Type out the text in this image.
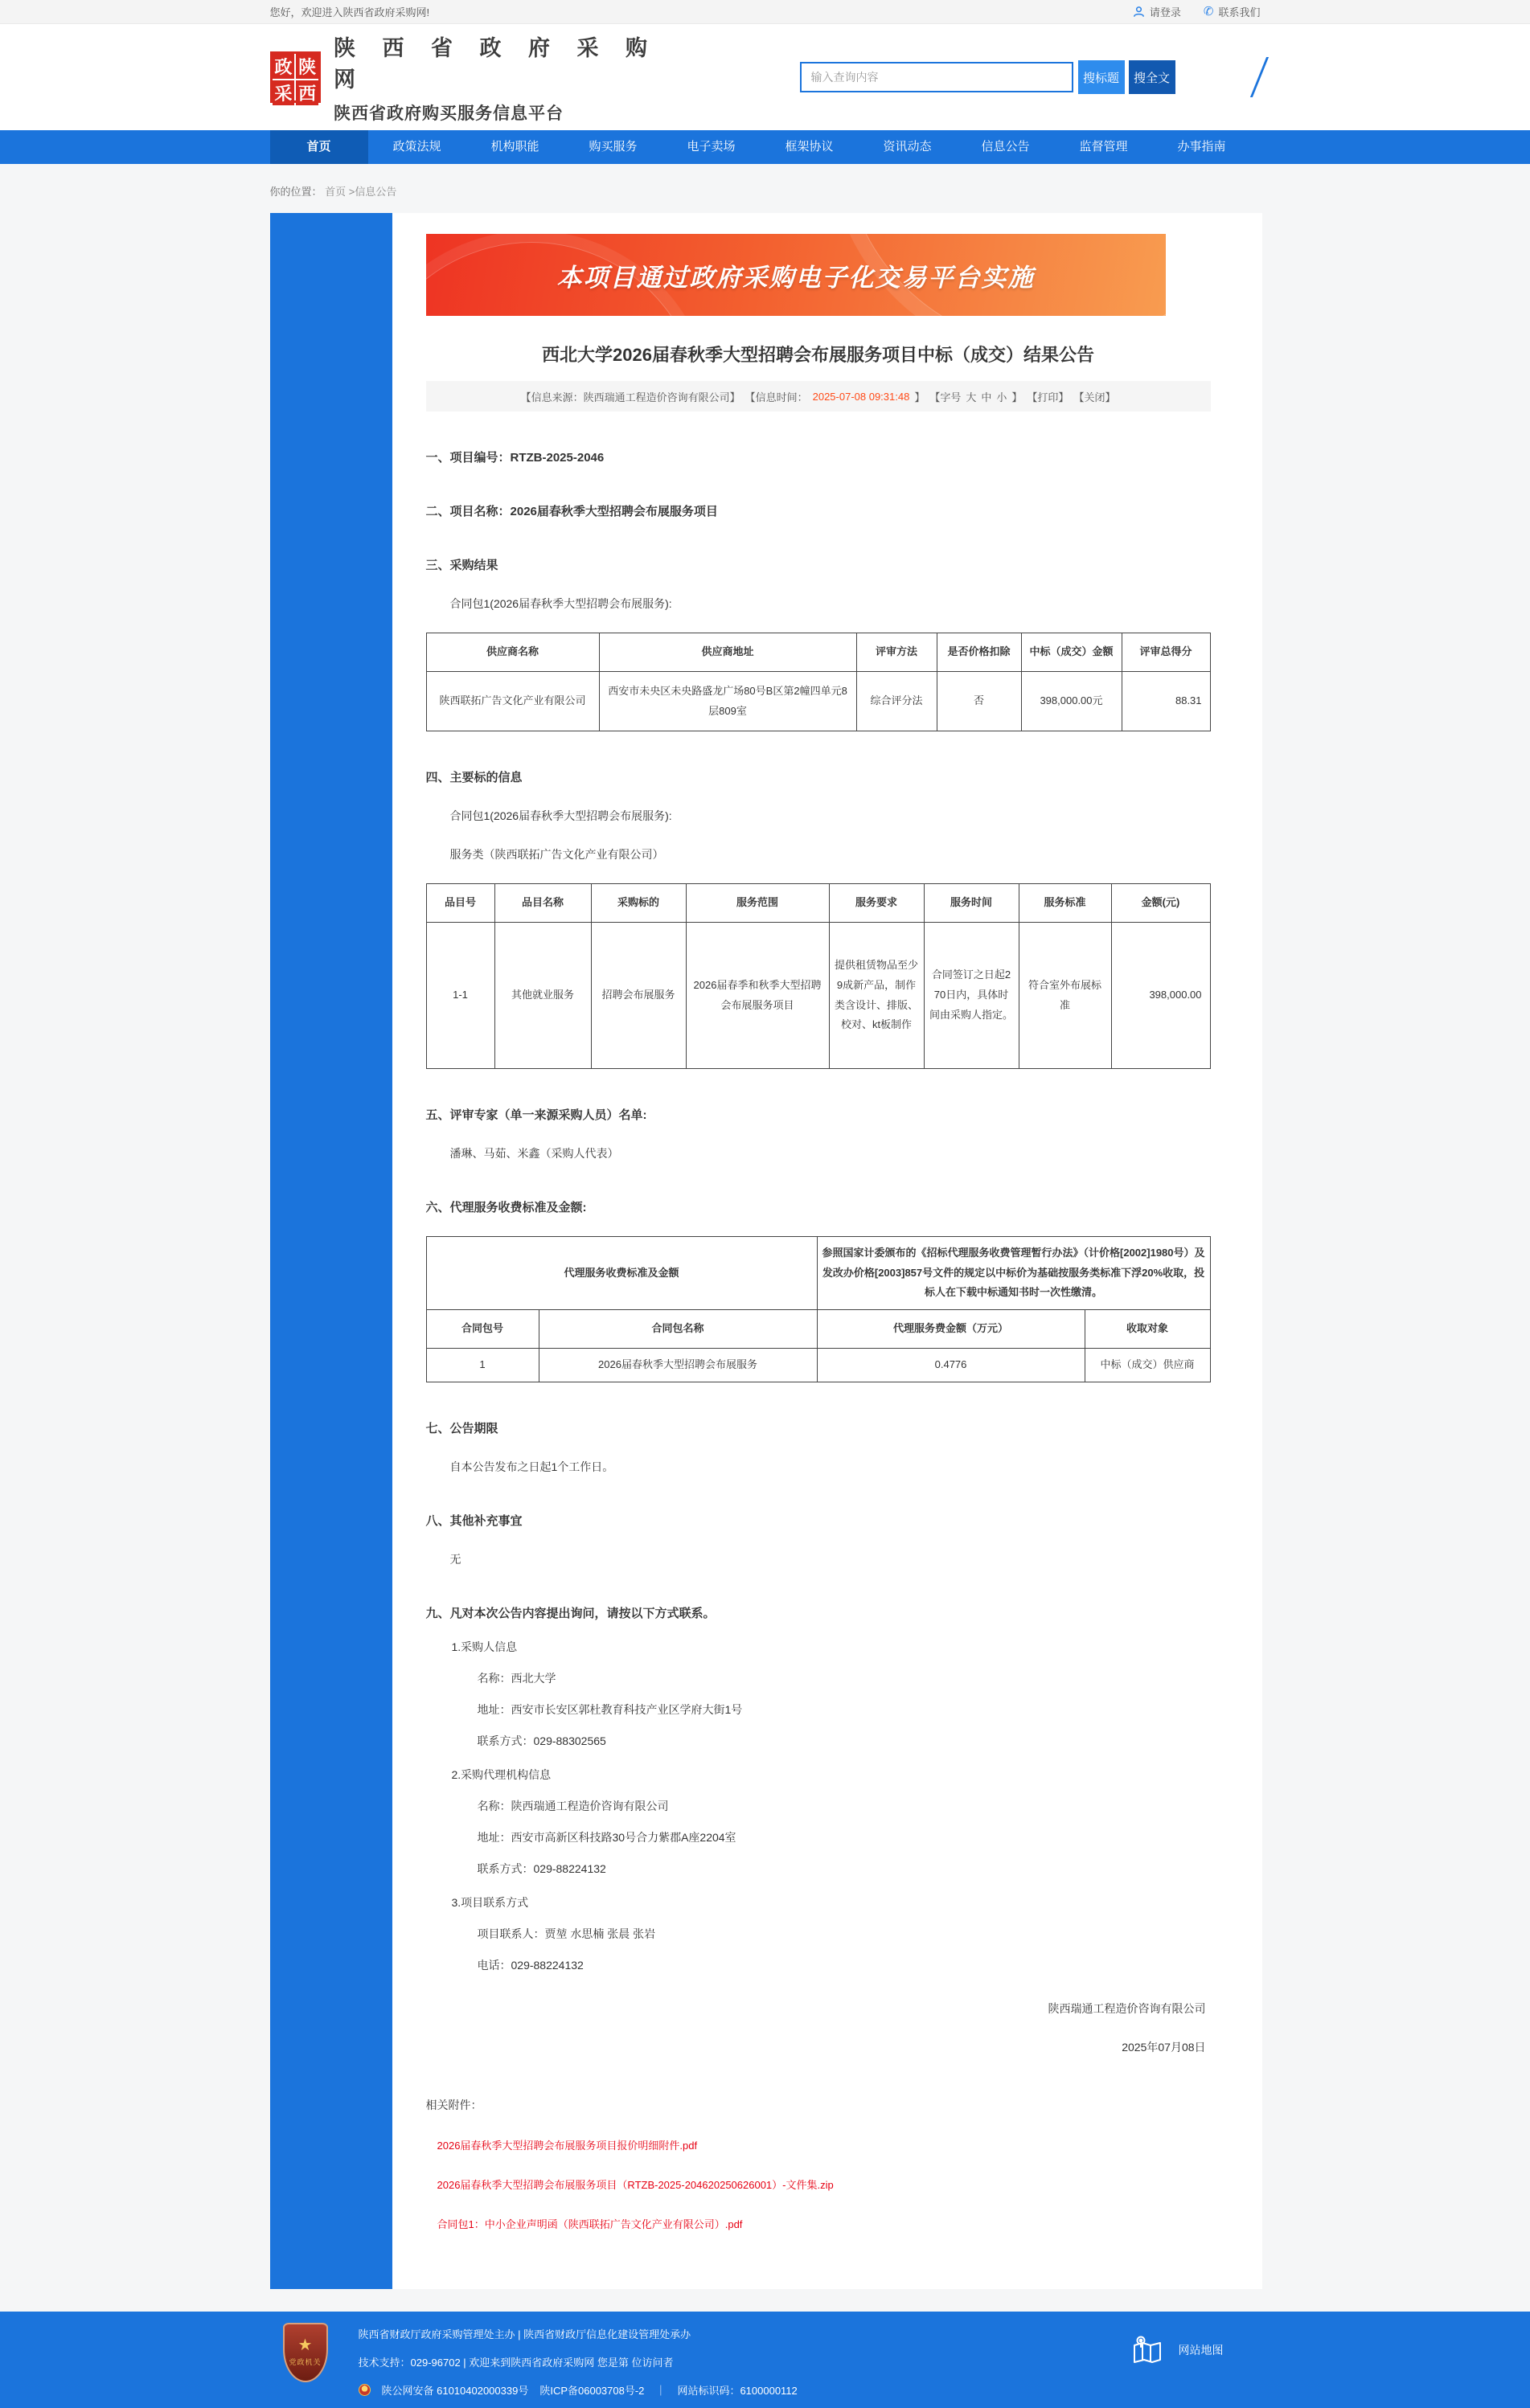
您好，欢迎进入陕西省政府采购网!	请登录 ✆ 联系我们
政 陕
采 西
陕 西 省 政 府 采 购 网
陕西省政府购买服务信息平台
输入查询内容
搜标题	搜全文
首页	政策法规	机构职能	购买服务	电子卖场	框架协议	资讯动态	信息公告	监督管理	办事指南
你的位置： 首页 >信息公告
本项目通过政府采购电子化交易平台实施
西北大学2026届春秋季大型招聘会布展服务项目中标（成交）结果公告
【信息来源：陕西瑞通工程造价咨询有限公司】 【信息时间： 2025-07-08 09:31:48 】 【字号 大 中 小 】 【打印】 【关闭】
一、项目编号：RTZB-2025-2046
二、项目名称：2026届春秋季大型招聘会布展服务项目
三、采购结果
合同包1(2026届春秋季大型招聘会布展服务):
供应商名称	供应商地址	评审方法	是否价格扣除	中标（成交）金额	评审总得分
陕西联拓广告文化产业有限公司	西安市未央区未央路盛龙广场80号B区第2幢四单元8层809室	综合评分法	否	398,000.00元	88.31
四、主要标的信息
合同包1(2026届春秋季大型招聘会布展服务):
服务类（陕西联拓广告文化产业有限公司）
品目号	品目名称	采购标的	服务范围	服务要求	服务时间	服务标准	金额(元)
1-1	其他就业服务	招聘会布展服务	2026届春季和秋季大型招聘会布展服务项目	提供租赁物品至少9成新产品，制作类含设计、排版、校对、kt板制作	合同签订之日起270日内，具体时间由采购人指定。	符合室外布展标准	398,000.00
五、评审专家（单一来源采购人员）名单:
潘琳、马茹、米鑫（采购人代表）
六、代理服务收费标准及金额:
代理服务收费标准及金额		参照国家计委颁布的《招标代理服务收费管理暂行办法》（计价格[2002]1980号）及发改办价格[2003]857号文件的规定以中标价为基础按服务类标准下浮20%收取，投标人在下载中标通知书时一次性缴清。	
合同包号	合同包名称	代理服务费金额（万元）	收取对象
1	2026届春秋季大型招聘会布展服务	0.4776	中标（成交）供应商
七、公告期限
自本公告发布之日起1个工作日。
八、其他补充事宜
无
九、凡对本次公告内容提出询问，请按以下方式联系。
1.采购人信息
名称：西北大学
地址：西安市长安区郭杜教育科技产业区学府大街1号
联系方式：029-88302565
2.采购代理机构信息
名称：陕西瑞通工程造价咨询有限公司
地址：西安市高新区科技路30号合力紫郡A座2204室
联系方式：029-88224132
3.项目联系方式
项目联系人：贾堃 水思楠 张晨 张岩
电话：029-88224132
陕西瑞通工程造价咨询有限公司
2025年07月08日
相关附件：
2026届春秋季大型招聘会布展服务项目报价明细附件.pdf
2026届春秋季大型招聘会布展服务项目（RTZB-2025-204620250626001）-文件集.zip
合同包1：中小企业声明函（陕西联拓广告文化产业有限公司）.pdf
★
党政机关
陕西省财政厅政府采购管理处主办 | 陕西省财政厅信息化建设管理处承办
技术支持：029-96702 | 欢迎来到陕西省政府采购网 您是第 位访问者
陕公网安备 61010402000339号 陕ICP备06003708号-2 ｜ 网站标识码：6100000112
网站地图
